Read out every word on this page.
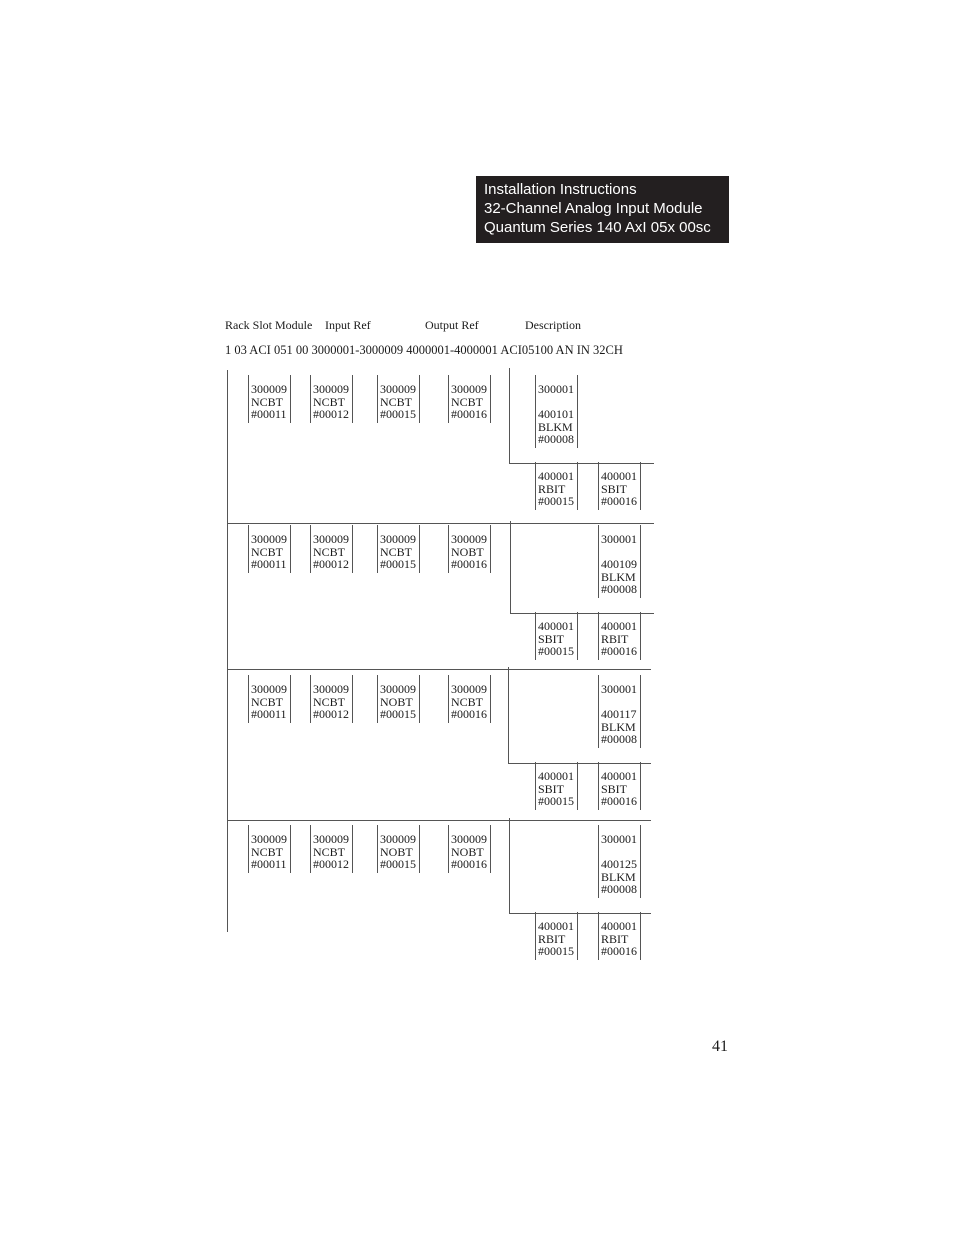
Installation Instructions
32-Channel Analog Input Module
Quantum Series 140 AxI 05x 00sc
Rack Slot Module Input Ref	Output Ref	Description
1 03 ACI 051 00 3000001-3000009 4000001-4000001 ACI05100 AN IN 32CH
300009
NCBT
#00011
300009
NCBT
#00012
300009
NCBT
#00015
300009
NCBT
#00016
300001

400101
BLKM
#00008
400001
RBIT
#00015
400001
SBIT
#00016
300009
NCBT
#00011
300009
NCBT
#00012
300009
NCBT
#00015
300009
NOBT
#00016
300001

400109
BLKM
#00008
400001
SBIT
#00015
400001
RBIT
#00016
300009
NCBT
#00011
300009
NCBT
#00012
300009
NOBT
#00015
300009
NCBT
#00016
300001

400117
BLKM
#00008
400001
SBIT
#00015
400001
SBIT
#00016
300009
NCBT
#00011
300009
NCBT
#00012
300009
NOBT
#00015
300009
NOBT
#00016
300001

400125
BLKM
#00008
400001
RBIT
#00015
400001
RBIT
#00016
41
